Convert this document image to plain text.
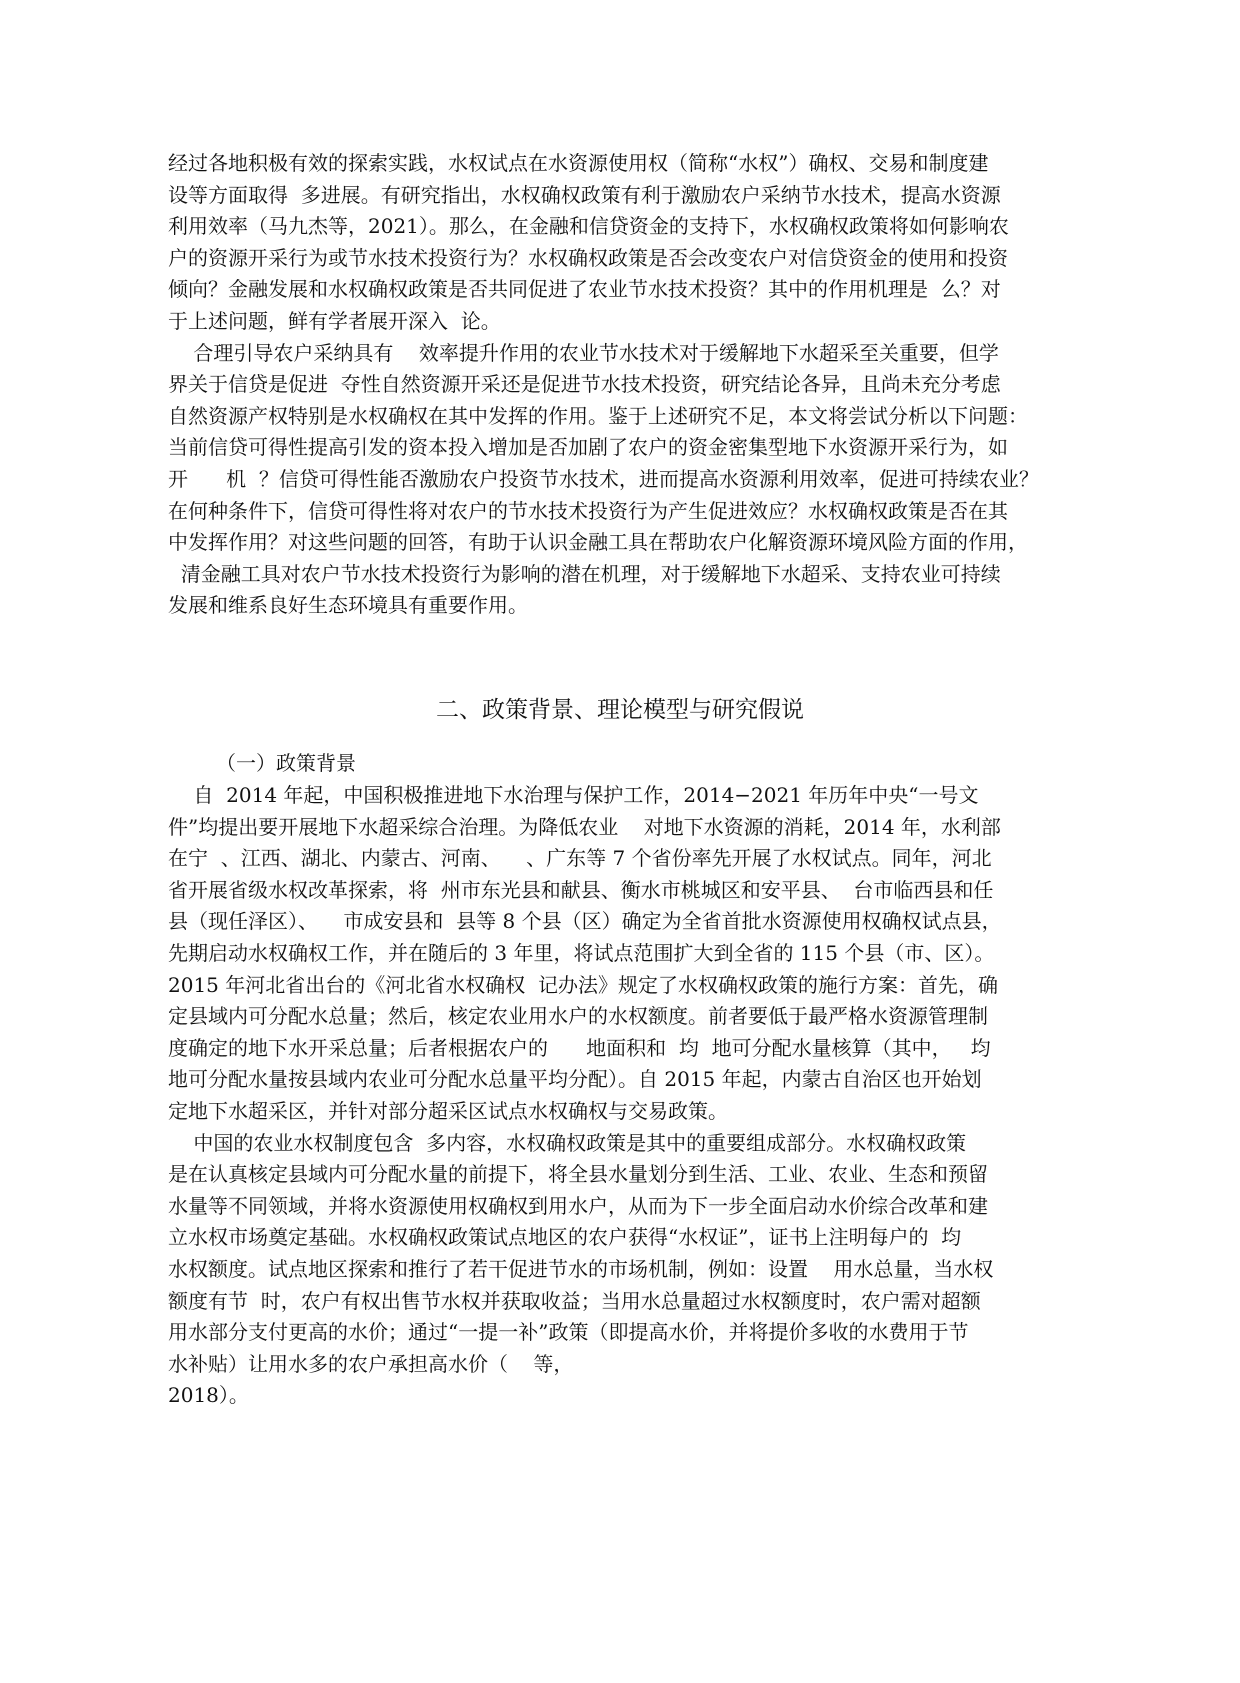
经过各地积极有效的探索实践，水权试点在水资源使用权（简称“水权”）确权、交易和制度建
设等方面取得  多进展。有研究指出，水权确权政策有利于激励农户采纳节水技术，提高水资源
利用效率（马九杰等，2021）。那么，在金融和信贷资金的支持下，水权确权政策将如何影响农
户的资源开采行为或节水技术投资行为？水权确权政策是否会改变农户对信贷资金的使用和投资
倾向？金融发展和水权确权政策是否共同促进了农业节水技术投资？其中的作用机理是  么？对
于上述问题，鲜有学者展开深入  论。
合理引导农户采纳具有    效率提升作用的农业节水技术对于缓解地下水超采至关重要，但学
界关于信贷是促进  夺性自然资源开采还是促进节水技术投资，研究结论各异，且尚未充分考虑
自然资源产权特别是水权确权在其中发挥的作用。鉴于上述研究不足，本文将尝试分析以下问题：
当前信贷可得性提高引发的资本投入增加是否加剧了农户的资金密集型地下水资源开采行为，如
开      机  ？信贷可得性能否激励农户投资节水技术，进而提高水资源利用效率，促进可持续农业？
在何种条件下，信贷可得性将对农户的节水技术投资行为产生促进效应？水权确权政策是否在其
中发挥作用？对这些问题的回答，有助于认识金融工具在帮助农户化解资源环境风险方面的作用，
清金融工具对农户节水技术投资行为影响的潜在机理，对于缓解地下水超采、支持农业可持续
发展和维系良好生态环境具有重要作用。
二、政策背景、理论模型与研究假说
（一）政策背景
自  2014 年起，中国积极推进地下水治理与保护工作，2014−2021 年历年中央“一号文
件”均提出要开展地下水超采综合治理。为降低农业    对地下水资源的消耗，2014 年，水利部
在宁  、江西、湖北、内蒙古、河南、    、广东等 7 个省份率先开展了水权试点。同年，河北
省开展省级水权改革探索，将  州市东光县和献县、衡水市桃城区和安平县、  台市临西县和任
县（现任泽区）、    市成安县和  县等 8 个县（区）确定为全省首批水资源使用权确权试点县，
先期启动水权确权工作，并在随后的 3 年里，将试点范围扩大到全省的 115 个县（市、区）。
2015 年河北省出台的《河北省水权确权  记办法》规定了水权确权政策的施行方案：首先，确
定县域内可分配水总量；然后，核定农业用水户的水权额度。前者要低于最严格水资源管理制
度确定的地下水开采总量；后者根据农户的      地面积和  均  地可分配水量核算（其中，   均
地可分配水量按县域内农业可分配水总量平均分配）。自 2015 年起，内蒙古自治区也开始划
定地下水超采区，并针对部分超采区试点水权确权与交易政策。
中国的农业水权制度包含  多内容，水权确权政策是其中的重要组成部分。水权确权政策
是在认真核定县域内可分配水量的前提下，将全县水量划分到生活、工业、农业、生态和预留
水量等不同领域，并将水资源使用权确权到用水户，从而为下一步全面启动水价综合改革和建
立水权市场奠定基础。水权确权政策试点地区的农户获得“水权证”，证书上注明每户的  均
水权额度。试点地区探索和推行了若干促进节水的市场机制，例如：设置    用水总量，当水权
额度有节  时，农户有权出售节水权并获取收益；当用水总量超过水权额度时，农户需对超额
用水部分支付更高的水价；通过“一提一补”政策（即提高水价，并将提价多收的水费用于节
水补贴）让用水多的农户承担高水价（    等，
2018）。
